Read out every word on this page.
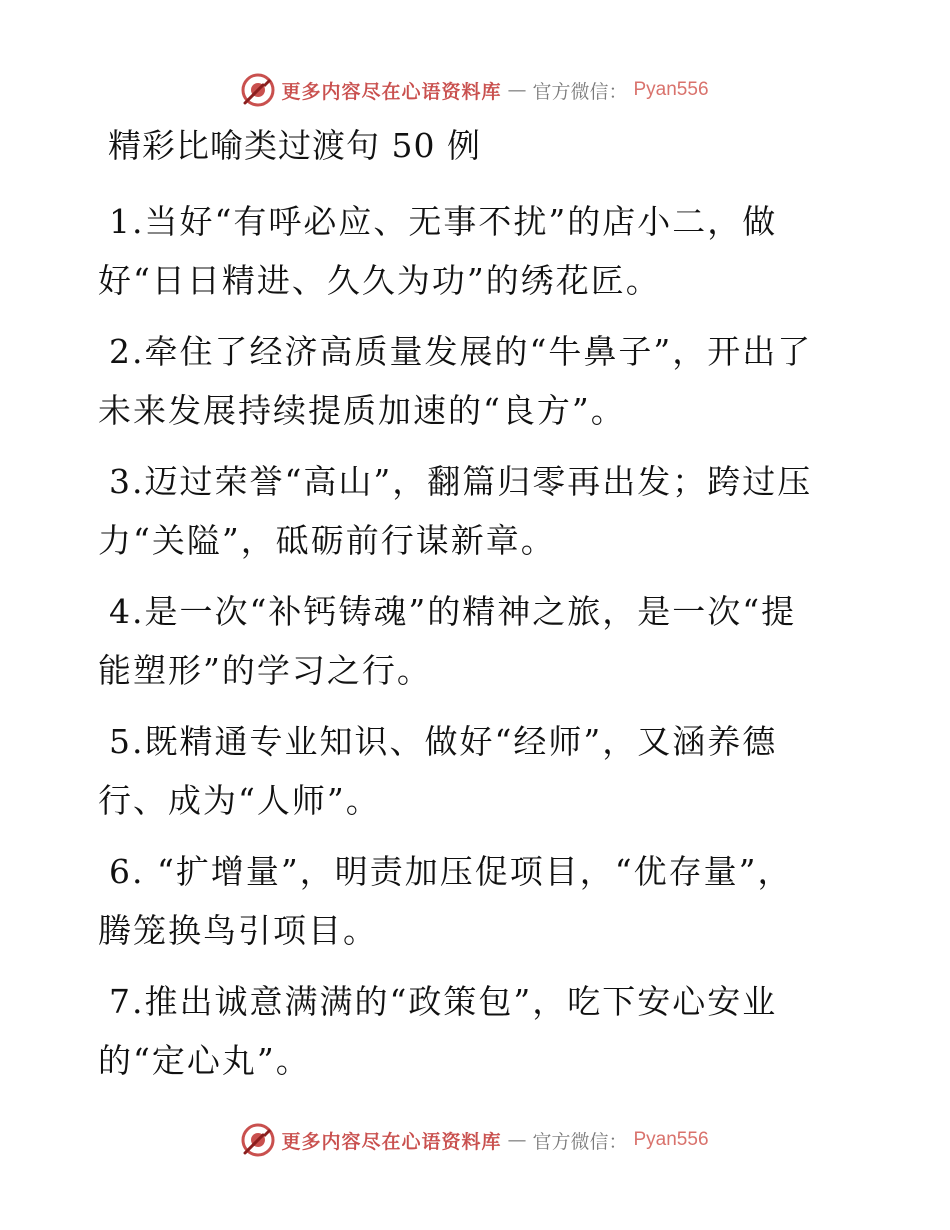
更多内容尽在心语资料库 — 官方微信： Pyan556
精彩比喻类过渡句 50 例
1.当好“有呼必应、无事不扰”的店小二，做
好“日日精进、久久为功”的绣花匠。
2.牵住了经济高质量发展的“牛鼻子”，开出了
未来发展持续提质加速的“良方”。
3.迈过荣誉“高山”，翻篇归零再出发；跨过压
力“关隘”，砥砺前行谋新章。
4.是一次“补钙铸魂”的精神之旅，是一次“提
能塑形”的学习之行。
5.既精通专业知识、做好“经师”，又涵养德
行、成为“人师”。
6. “扩增量”，明责加压促项目，“优存量”，
腾笼换鸟引项目。
7.推出诚意满满的“政策包”，吃下安心安业
的“定心丸”。
更多内容尽在心语资料库 — 官方微信： Pyan556
